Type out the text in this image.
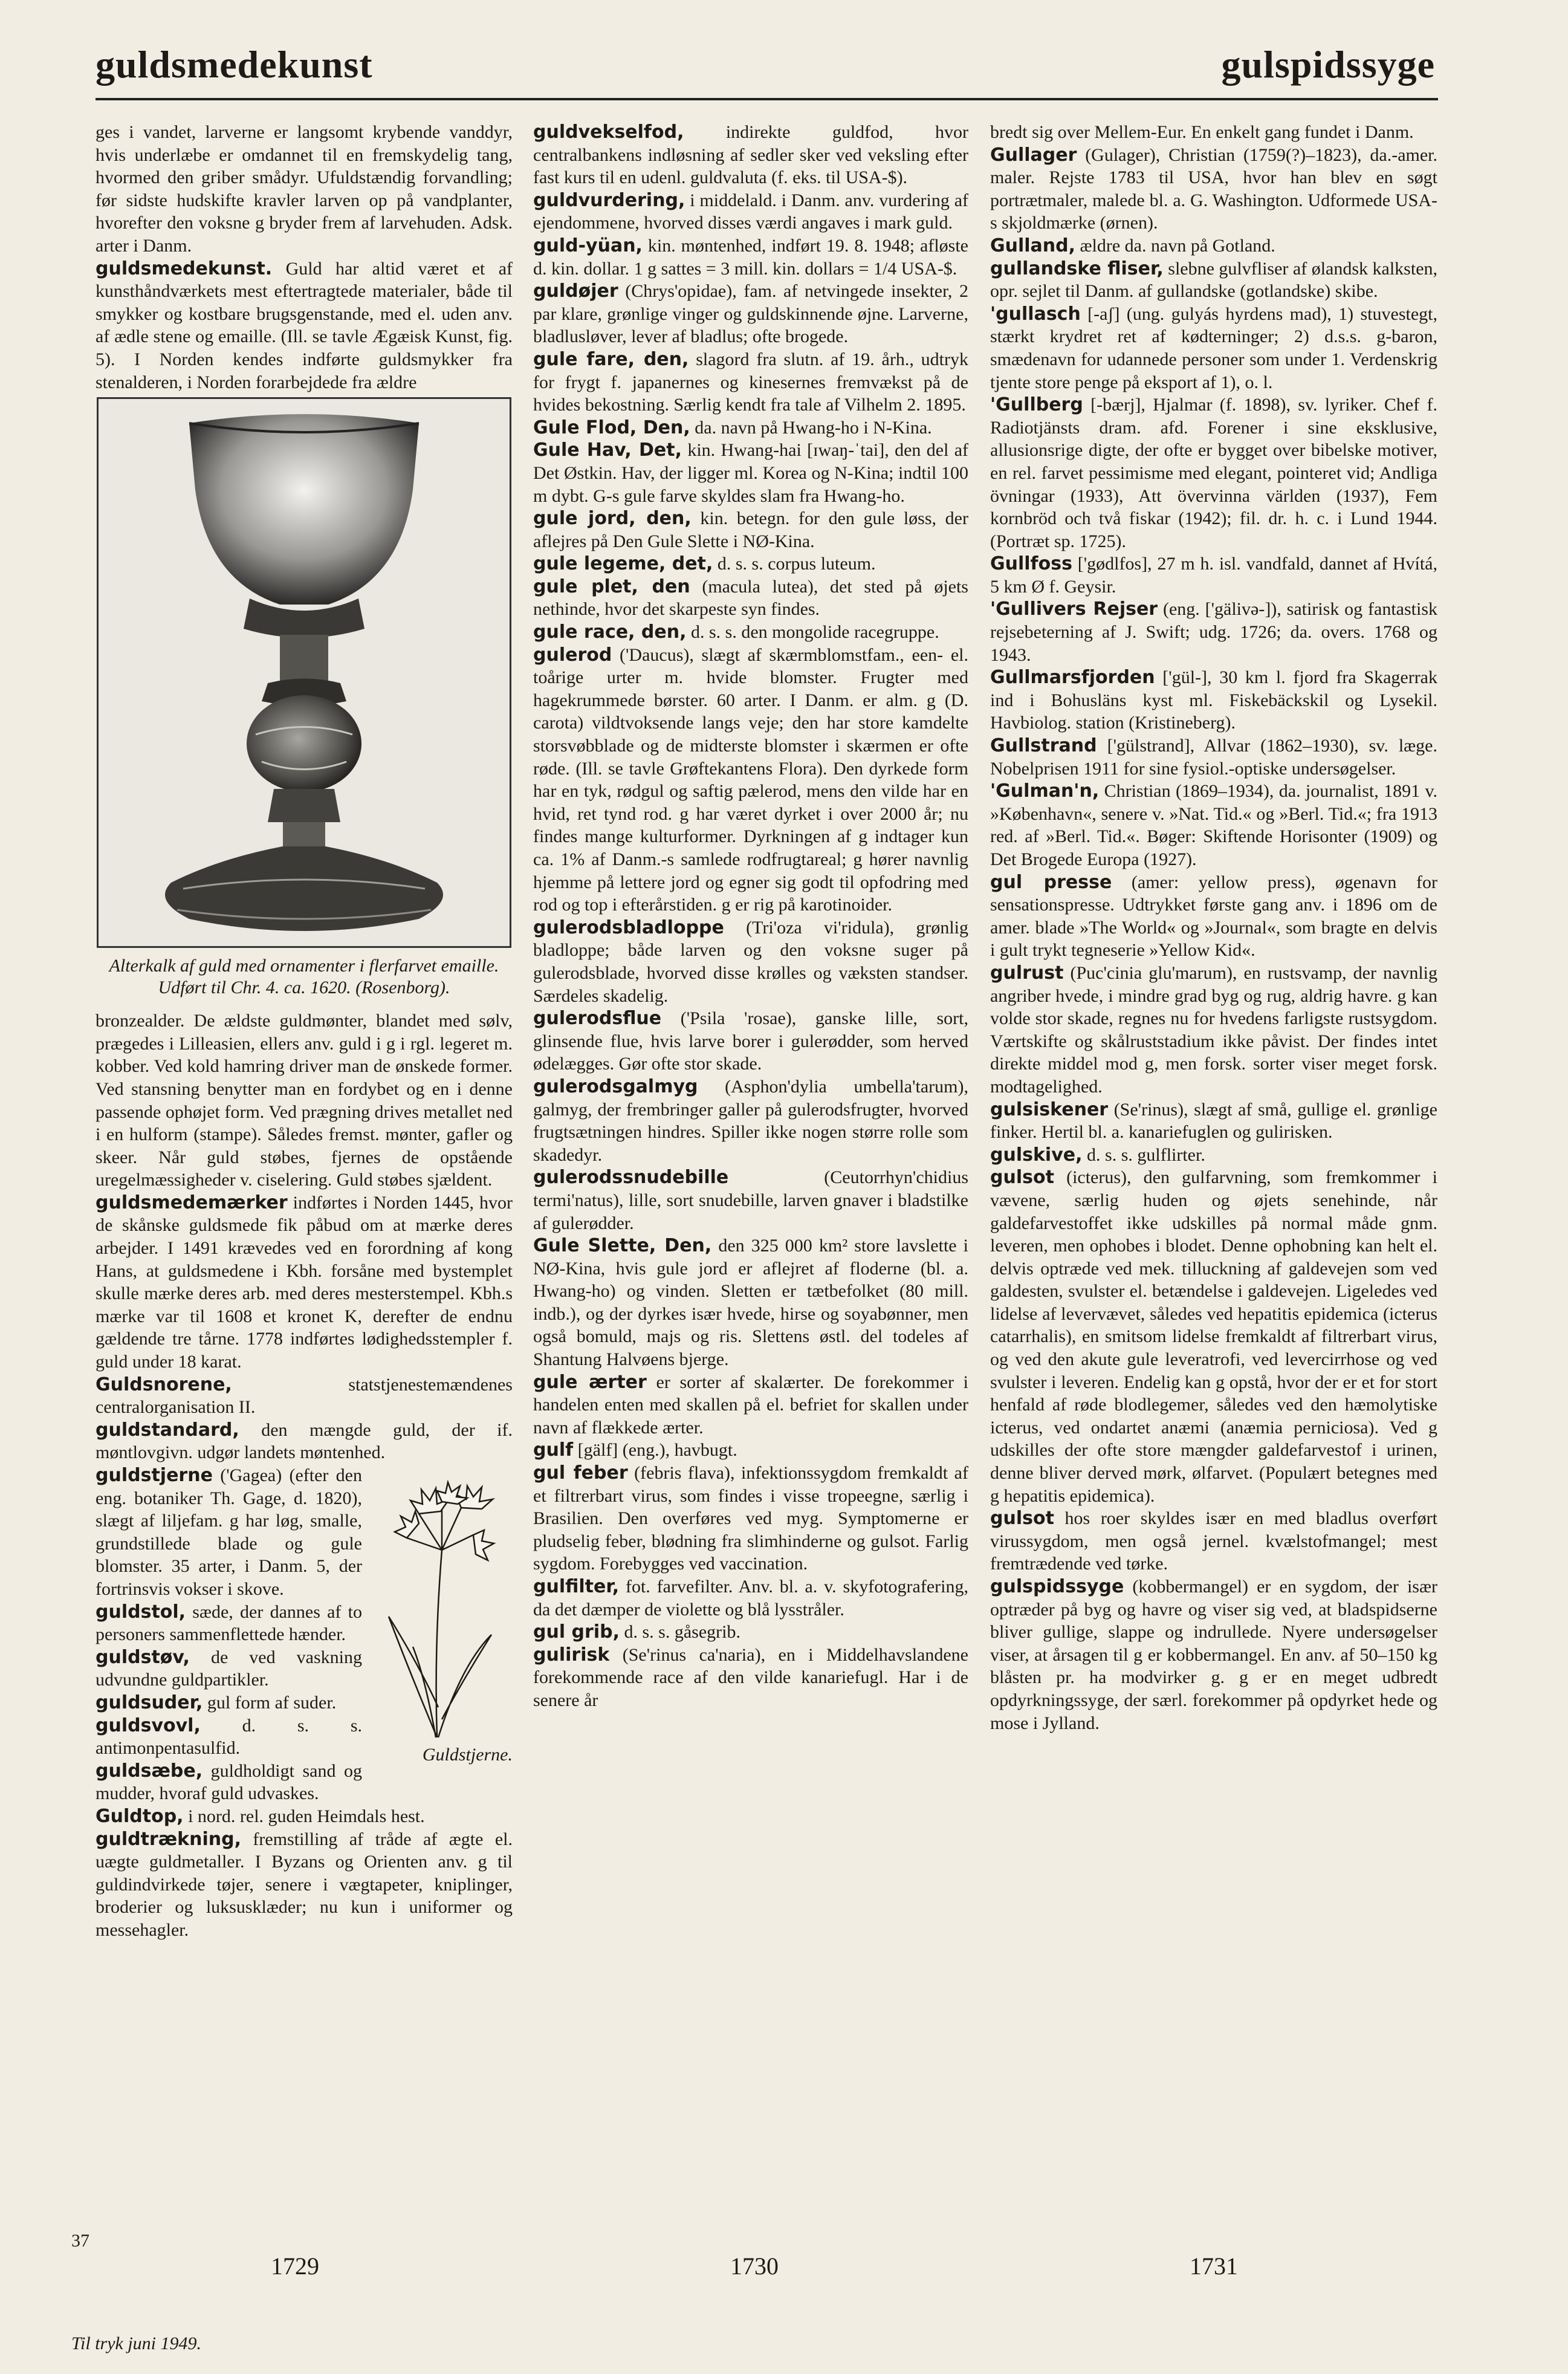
guldsmedekunst	gulspidssyge

ges i vandet, larverne er langsomt krybende vanddyr, hvis underlæbe er omdannet til en fremskydelig tang, hvormed den griber smådyr. Ufuldstændig forvandling; før sidste hudskifte kravler larven op på vandplanter, hvorefter den voksne g bryder frem af larvehuden. Adsk. arter i Danm.

guldsmedekunst. Guld har altid været et af kunsthåndværkets mest eftertragtede materialer, både til smykker og kostbare brugsgenstande, med el. uden anv. af ædle stene og emaille. (Ill. se tavle Ægæisk Kunst, fig. 5). I Norden kendes indførte guldsmykker fra stenalderen, i Norden forarbejdede fra ældre

Alterkalk af guld med ornamenter i flerfarvet emaille. Udført til Chr. 4. ca. 1620. (Rosenborg).

bronzealder. De ældste guldmønter, blandet med sølv, prægedes i Lilleasien, ellers anv. guld i g i rgl. legeret m. kobber. Ved kold hamring driver man de ønskede former. Ved stansning benytter man en fordybet og en i denne passende ophøjet form. Ved prægning drives metallet ned i en hulform (stampe). Således fremst. mønter, gafler og skeer. Når guld støbes, fjernes de opstående uregelmæssigheder v. ciselering. Guld støbes sjældent.

guldsmedemærker indførtes i Norden 1445, hvor de skånske guldsmede fik påbud om at mærke deres arbejder. I 1491 krævedes ved en forordning af kong Hans, at guldsmedene i Kbh. forsåne med bystemplet skulle mærke deres arb. med deres mesterstempel. Kbh.s mærke var til 1608 et kronet K, derefter de endnu gældende tre tårne. 1778 indførtes lødighedsstempler f. guld under 18 karat.

Guldsnorene, statstjenestemændenes centralorganisation II.

guldstandard, den mængde guld, der if. møntlovgivn. udgør landets møntenhed.

Guldstjerne.

guldstjerne ('Gagea) (efter den eng. botaniker Th. Gage, d. 1820), slægt af liljefam. g har løg, smalle, grundstillede blade og gule blomster. 35 arter, i Danm. 5, der fortrinsvis vokser i skove.

guldstol, sæde, der dannes af to personers sammenflettede hænder.

guldstøv, de ved vaskning udvundne guldpartikler.

guldsuder, gul form af suder.

guldsvovl, d. s. s. antimonpentasulfid.

guldsæbe, guldholdigt sand og mudder, hvoraf guld udvaskes.

Guldtop, i nord. rel. guden Heimdals hest.

guldtrækning, fremstilling af tråde af ægte el. uægte guldmetaller. I Byzans og Orienten anv. g til guldindvirkede tøjer, senere i vægtapeter, kniplinger, broderier og luksusklæder; nu kun i uniformer og messehagler.

guldvekselfod, indirekte guldfod, hvor centralbankens indløsning af sedler sker ved veksling efter fast kurs til en udenl. guldvaluta (f. eks. til USA-$).

guldvurdering, i middelald. i Danm. anv. vurdering af ejendommene, hvorved disses værdi angaves i mark guld.

guld-yüan, kin. møntenhed, indført 19. 8. 1948; afløste d. kin. dollar. 1 g sattes = 3 mill. kin. dollars = 1/4 USA-$.

guldøjer (Chrys'opidae), fam. af netvingede insekter, 2 par klare, grønlige vinger og guldskinnende øjne. Larverne, bladlusløver, lever af bladlus; ofte brogede.

gule fare, den, slagord fra slutn. af 19. årh., udtryk for frygt f. japanernes og kinesernes fremvækst på de hvides bekostning. Særlig kendt fra tale af Vilhelm 2. 1895.

Gule Flod, Den, da. navn på Hwang-ho i N-Kina.

Gule Hav, Det, kin. Hwang-hai [ɪwaŋ-ˈtai], den del af Det Østkin. Hav, der ligger ml. Korea og N-Kina; indtil 100 m dybt. G-s gule farve skyldes slam fra Hwang-ho.

gule jord, den, kin. betegn. for den gule løss, der aflejres på Den Gule Slette i NØ-Kina.

gule legeme, det, d. s. s. corpus luteum.

gule plet, den (macula lutea), det sted på øjets nethinde, hvor det skarpeste syn findes.

gule race, den, d. s. s. den mongolide racegruppe.

gulerod ('Daucus), slægt af skærmblomstfam., een- el. toårige urter m. hvide blomster. Frugter med hagekrummede børster. 60 arter. I Danm. er alm. g (D. carota) vildtvoksende langs veje; den har store kamdelte storsvøbblade og de midterste blomster i skærmen er ofte røde. (Ill. se tavle Grøftekantens Flora). Den dyrkede form har en tyk, rødgul og saftig pælerod, mens den vilde har en hvid, ret tynd rod. g har været dyrket i over 2000 år; nu findes mange kulturformer. Dyrkningen af g indtager kun ca. 1% af Danm.-s samlede rodfrugtareal; g hører navnlig hjemme på lettere jord og egner sig godt til opfodring med rod og top i efterårstiden. g er rig på karotinoider.

gulerodsbladloppe (Tri'oza vi'ridula), grønlig bladloppe; både larven og den voksne suger på gulerodsblade, hvorved disse krølles og væksten standser. Særdeles skadelig.

gulerodsflue ('Psila 'rosae), ganske lille, sort, glinsende flue, hvis larve borer i gulerødder, som herved ødelægges. Gør ofte stor skade.

gulerodsgalmyg (Asphon'dylia umbella'tarum), galmyg, der frembringer galler på gulerodsfrugter, hvorved frugtsætningen hindres. Spiller ikke nogen større rolle som skadedyr.

gulerodssnudebille (Ceutorrhyn'chidius termi'natus), lille, sort snudebille, larven gnaver i bladstilke af gulerødder.

Gule Slette, Den, den 325 000 km² store lavslette i NØ-Kina, hvis gule jord er aflejret af floderne (bl. a. Hwang-ho) og vinden. Sletten er tætbefolket (80 mill. indb.), og der dyrkes især hvede, hirse og soyabønner, men også bomuld, majs og ris. Slettens østl. del todeles af Shantung Halvøens bjerge.

gule ærter er sorter af skalærter. De forekommer i handelen enten med skallen på el. befriet for skallen under navn af flækkede ærter.

gulf [gälf] (eng.), havbugt.

gul feber (febris flava), infektionssygdom fremkaldt af et filtrerbart virus, som findes i visse tropeegne, særlig i Brasilien. Den overføres ved myg. Symptomerne er pludselig feber, blødning fra slimhinderne og gulsot. Farlig sygdom. Forebygges ved vaccination.

gulfilter, fot. farvefilter. Anv. bl. a. v. skyfotografering, da det dæmper de violette og blå lysstråler.

gul grib, d. s. s. gåsegrib.

gulirisk (Se'rinus ca'naria), en i Middelhavslandene forekommende race af den vilde kanariefugl. Har i de senere år

bredt sig over Mellem-Eur. En enkelt gang fundet i Danm.

Gullager (Gulager), Christian (1759(?)–1823), da.-amer. maler. Rejste 1783 til USA, hvor han blev en søgt portrætmaler, malede bl. a. G. Washington. Udformede USA-s skjoldmærke (ørnen).

Gulland, ældre da. navn på Gotland.

gullandske fliser, slebne gulvfliser af ølandsk kalksten, opr. sejlet til Danm. af gullandske (gotlandske) skibe.

'gullasch [-aʃ] (ung. gulyás hyrdens mad), 1) stuvestegt, stærkt krydret ret af kødterninger; 2) d.s.s. g-baron, smædenavn for udannede personer som under 1. Verdenskrig tjente store penge på eksport af 1), o. l.

'Gullberg [-bærj], Hjalmar (f. 1898), sv. lyriker. Chef f. Radiotjänsts dram. afd. Forener i sine eksklusive, allusionsrige digte, der ofte er bygget over bibelske motiver, en rel. farvet pessimisme med elegant, pointeret vid; Andliga övningar (1933), Att övervinna världen (1937), Fem kornbröd och två fiskar (1942); fil. dr. h. c. i Lund 1944. (Portræt sp. 1725).

Gullfoss ['gødlfos], 27 m h. isl. vandfald, dannet af Hvítá, 5 km Ø f. Geysir.

'Gullivers Rejser (eng. ['gälivə-]), satirisk og fantastisk rejsebeterning af J. Swift; udg. 1726; da. overs. 1768 og 1943.

Gullmarsfjorden ['gül-], 30 km l. fjord fra Skagerrak ind i Bohusläns kyst ml. Fiskebäckskil og Lysekil. Havbiolog. station (Kristineberg).

Gullstrand ['gülstrand], Allvar (1862–1930), sv. læge. Nobelprisen 1911 for sine fysiol.-optiske undersøgelser.

'Gulman'n, Christian (1869–1934), da. journalist, 1891 v. »København«, senere v. »Nat. Tid.« og »Berl. Tid.«; fra 1913 red. af »Berl. Tid.«. Bøger: Skiftende Horisonter (1909) og Det Brogede Europa (1927).

gul presse (amer: yellow press), øgenavn for sensationspresse. Udtrykket første gang anv. i 1896 om de amer. blade »The World« og »Journal«, som bragte en delvis i gult trykt tegneserie »Yellow Kid«.

gulrust (Puc'cinia glu'marum), en rustsvamp, der navnlig angriber hvede, i mindre grad byg og rug, aldrig havre. g kan volde stor skade, regnes nu for hvedens farligste rustsygdom. Værtskifte og skålruststadium ikke påvist. Der findes intet direkte middel mod g, men forsk. sorter viser meget forsk. modtagelighed.

gulsiskener (Se'rinus), slægt af små, gullige el. grønlige finker. Hertil bl. a. kanariefuglen og gulirisken.

gulskive, d. s. s. gulflirter.

gulsot (icterus), den gulfarvning, som fremkommer i vævene, særlig huden og øjets senehinde, når galdefarvestoffet ikke udskilles på normal måde gnm. leveren, men ophobes i blodet. Denne ophobning kan helt el. delvis optræde ved mek. tilluckning af galdevejen som ved galdesten, svulster el. betændelse i galdevejen. Ligeledes ved lidelse af levervævet, således ved hepatitis epidemica (icterus catarrhalis), en smitsom lidelse fremkaldt af filtrerbart virus, og ved den akute gule leveratrofi, ved levercirrhose og ved svulster i leveren. Endelig kan g opstå, hvor der er et for stort henfald af røde blodlegemer, således ved den hæmolytiske icterus, ved ondartet anæmi (anæmia perniciosa). Ved g udskilles der ofte store mængder galdefarvestof i urinen, denne bliver derved mørk, ølfarvet. (Populært betegnes med g hepatitis epidemica).

gulsot hos roer skyldes især en med bladlus overført virussygdom, men også jernel. kvælstofmangel; mest fremtrædende ved tørke.

gulspidssyge (kobbermangel) er en sygdom, der især optræder på byg og havre og viser sig ved, at bladspidserne bliver gullige, slappe og indrullede. Nyere undersøgelser viser, at årsagen til g er kobbermangel. En anv. af 50–150 kg blåsten pr. ha modvirker g. g er en meget udbredt opdyrkningssyge, der særl. forekommer på opdyrket hede og mose i Jylland.

37
1729	1730	1731
Til tryk juni 1949.
